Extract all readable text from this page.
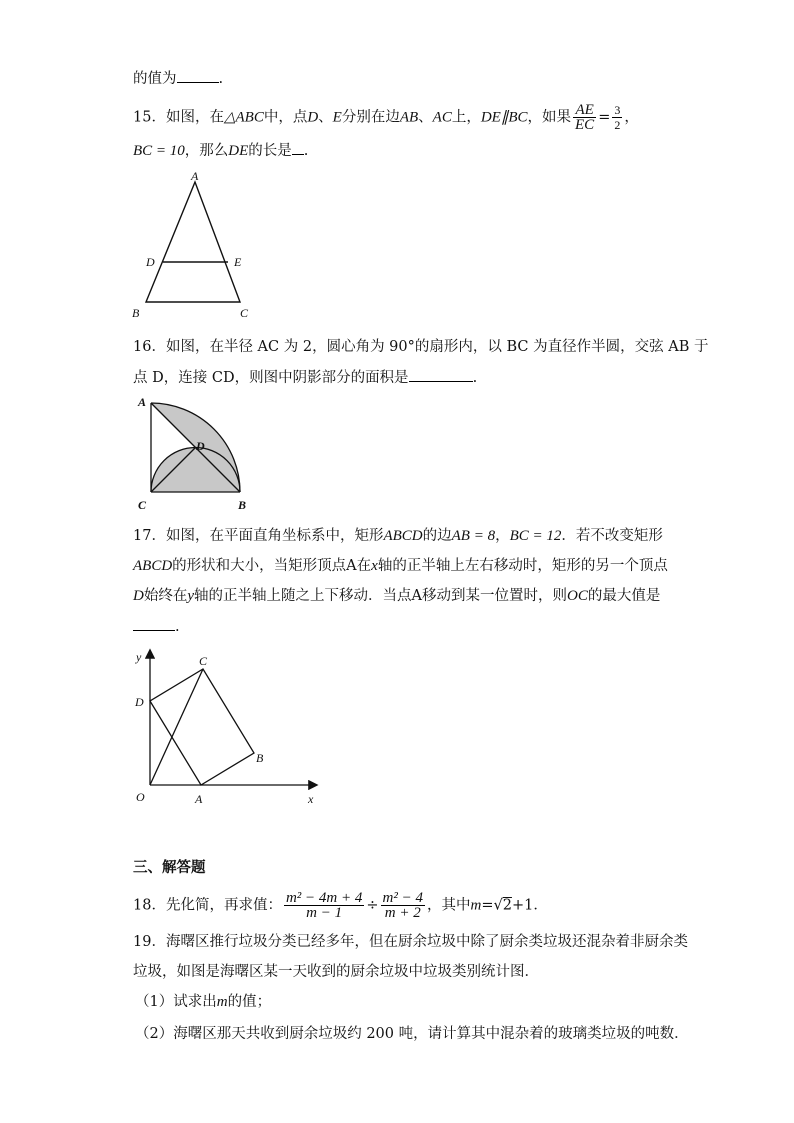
的值为	.
15．如图，在△ABC中，点D、E分别在边AB、AC上，DE∥BC，如果 $\frac{AE}{EC} = \frac{3}{2}$ ，
BC = 10，那么DE的长是 .
A
D	E
B	C
16．如图，在半径 AC 为 2，圆心角为 90°的扇形内，以 BC 为直径作半圆，交弦 AB 于
点 D，连接 CD，则图中阴影部分的面积是	.
A
D
C	B
17．如图，在平面直角坐标系中，矩形ABCD的边AB = 8，BC = 12．若不改变矩形
ABCD的形状和大小，当矩形顶点A在x轴的正半轴上左右移动时，矩形的另一个顶点
D始终在y轴的正半轴上随之上下移动．当点A移动到某一位置时，则OC的最大值是
.
y
x
O	A
B
C
D
三、解答题
18．先化简，再求值： $\frac{\text{m² − 4m + 4}}{m - 1} \div \frac{\text{m² − 4}}{m + 2}$ ，其中m=√2+1．
19．海曙区推行垃圾分类已经多年，但在厨余垃圾中除了厨余类垃圾还混杂着非厨余类
垃圾，如图是海曙区某一天收到的厨余垃圾中垃圾类别统计图．
（1）试求出m的值；
（2）海曙区那天共收到厨余垃圾约 200 吨，请计算其中混杂着的玻璃类垃圾的吨数．
